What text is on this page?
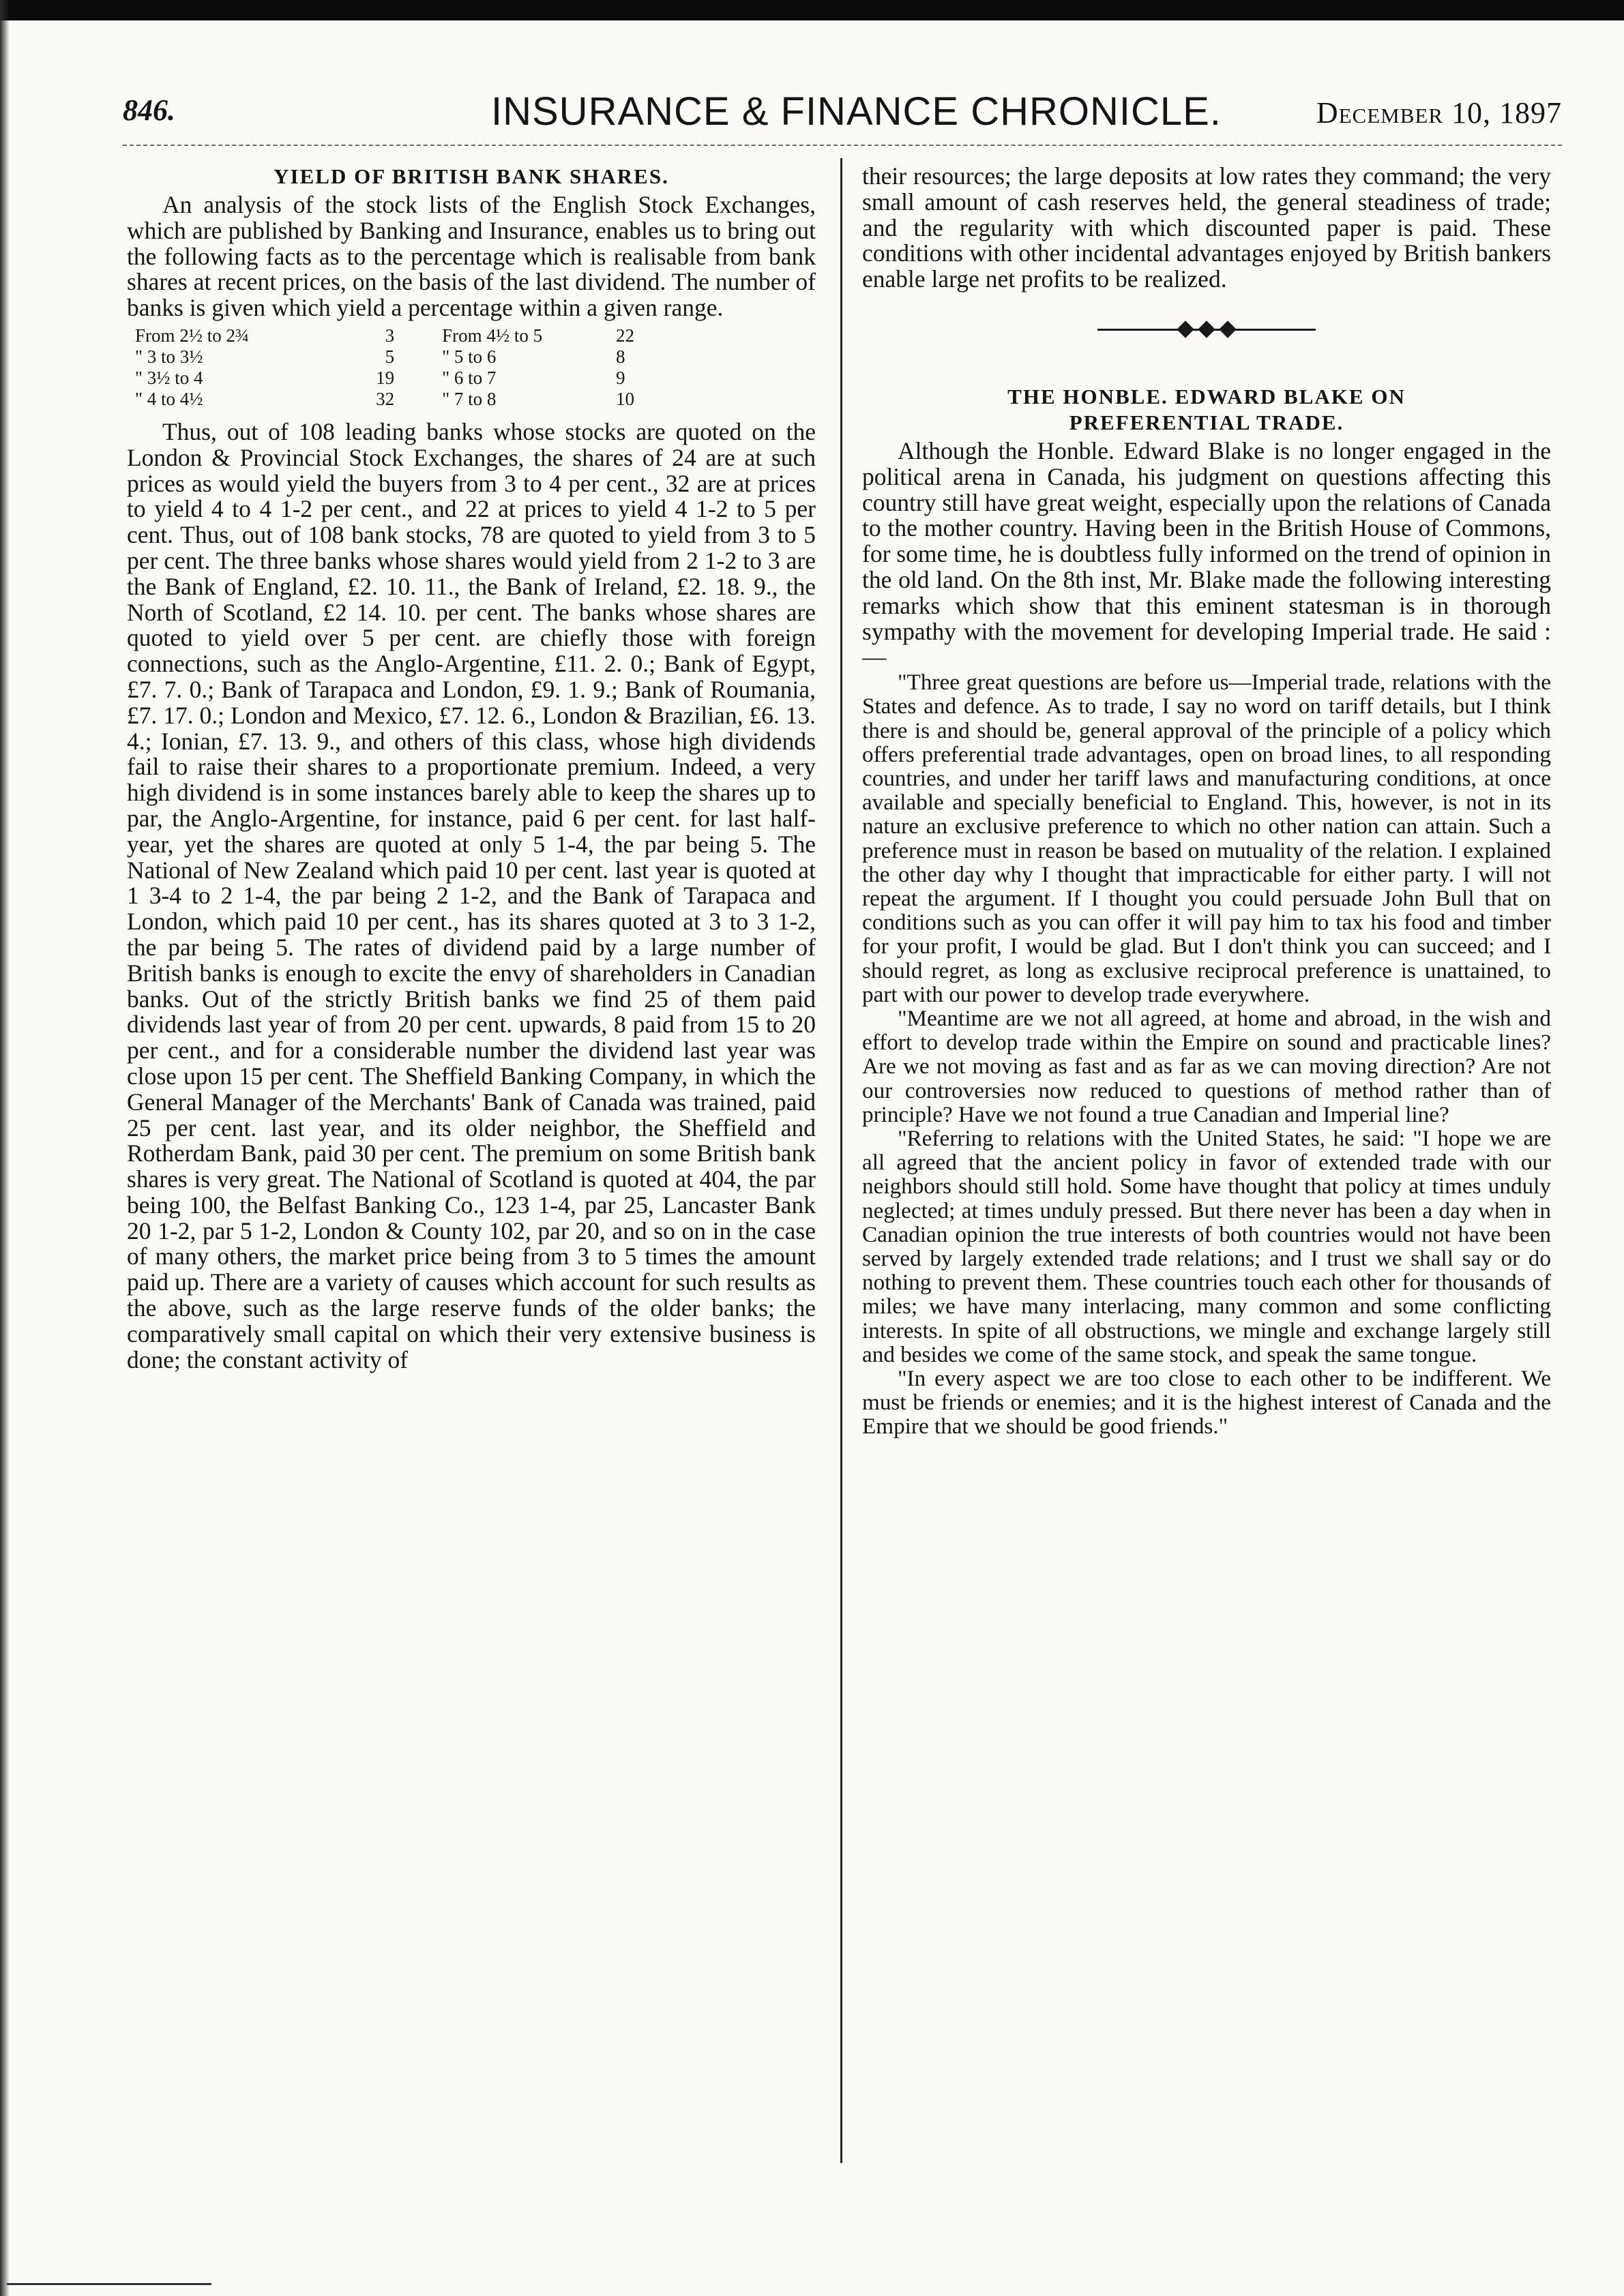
846.	INSURANCE & FINANCE CHRONICLE.	December 10, 1897
YIELD OF BRITISH BANK SHARES.

An analysis of the stock lists of the English Stock Exchanges, which are published by Banking and Insurance, enables us to bring out the following facts as to the percentage which is realisable from bank shares at recent prices, on the basis of the last dividend. The number of banks is given which yield a percentage within a given range.

From 2½ to 2¾	3	From 4½ to 5	22
" 3 to 3½	5	" 5 to 6	8
" 3½ to 4	19	" 6 to 7	9
" 4 to 4½	32	" 7 to 8	10

Thus, out of 108 leading banks whose stocks are quoted on the London & Provincial Stock Exchanges, the shares of 24 are at such prices as would yield the buyers from 3 to 4 per cent., 32 are at prices to yield 4 to 4 1-2 per cent., and 22 at prices to yield 4 1-2 to 5 per cent. Thus, out of 108 bank stocks, 78 are quoted to yield from 3 to 5 per cent. The three banks whose shares would yield from 2 1-2 to 3 are the Bank of England, £2. 10. 11., the Bank of Ireland, £2. 18. 9., the North of Scotland, £2 14. 10. per cent. The banks whose shares are quoted to yield over 5 per cent. are chiefly those with foreign connections, such as the Anglo-Argentine, £11. 2. 0.; Bank of Egypt, £7. 7. 0.; Bank of Tarapaca and London, £9. 1. 9.; Bank of Roumania, £7. 17. 0.; London and Mexico, £7. 12. 6., London & Brazilian, £6. 13. 4.; Ionian, £7. 13. 9., and others of this class, whose high dividends fail to raise their shares to a proportionate premium. Indeed, a very high dividend is in some instances barely able to keep the shares up to par, the Anglo-Argentine, for instance, paid 6 per cent. for last half-year, yet the shares are quoted at only 5 1-4, the par being 5. The National of New Zealand which paid 10 per cent. last year is quoted at 1 3-4 to 2 1-4, the par being 2 1-2, and the Bank of Tarapaca and London, which paid 10 per cent., has its shares quoted at 3 to 3 1-2, the par being 5. The rates of dividend paid by a large number of British banks is enough to excite the envy of shareholders in Canadian banks. Out of the strictly British banks we find 25 of them paid dividends last year of from 20 per cent. upwards, 8 paid from 15 to 20 per cent., and for a considerable number the dividend last year was close upon 15 per cent. The Sheffield Banking Company, in which the General Manager of the Merchants' Bank of Canada was trained, paid 25 per cent. last year, and its older neighbor, the Sheffield and Rotherdam Bank, paid 30 per cent. The premium on some British bank shares is very great. The National of Scotland is quoted at 404, the par being 100, the Belfast Banking Co., 123 1-4, par 25, Lancaster Bank 20 1-2, par 5 1-2, London & County 102, par 20, and so on in the case of many others, the market price being from 3 to 5 times the amount paid up. There are a variety of causes which account for such results as the above, such as the large reserve funds of the older banks; the comparatively small capital on which their very extensive business is done; the constant activity of

their resources; the large deposits at low rates they command; the very small amount of cash reserves held, the general steadiness of trade; and the regularity with which discounted paper is paid. These conditions with other incidental advantages enjoyed by British bankers enable large net profits to be realized.

THE HONBLE. EDWARD BLAKE ON
PREFERENTIAL TRADE.

Although the Honble. Edward Blake is no longer engaged in the political arena in Canada, his judgment on questions affecting this country still have great weight, especially upon the relations of Canada to the mother country. Having been in the British House of Commons, for some time, he is doubtless fully informed on the trend of opinion in the old land. On the 8th inst, Mr. Blake made the following interesting remarks which show that this eminent statesman is in thorough sympathy with the movement for developing Imperial trade. He said :—

"Three great questions are before us—Imperial trade, relations with the States and defence. As to trade, I say no word on tariff details, but I think there is and should be, general approval of the principle of a policy which offers preferential trade advantages, open on broad lines, to all responding countries, and under her tariff laws and manufacturing conditions, at once available and specially beneficial to England. This, however, is not in its nature an exclusive preference to which no other nation can attain. Such a preference must in reason be based on mutuality of the relation. I explained the other day why I thought that impracticable for either party. I will not repeat the argument. If I thought you could persuade John Bull that on conditions such as you can offer it will pay him to tax his food and timber for your profit, I would be glad. But I don't think you can succeed; and I should regret, as long as exclusive reciprocal preference is unattained, to part with our power to develop trade everywhere.

"Meantime are we not all agreed, at home and abroad, in the wish and effort to develop trade within the Empire on sound and practicable lines? Are we not moving as fast and as far as we can moving direction? Are not our controversies now reduced to questions of method rather than of principle? Have we not found a true Canadian and Imperial line?

"Referring to relations with the United States, he said: "I hope we are all agreed that the ancient policy in favor of extended trade with our neighbors should still hold. Some have thought that policy at times unduly neglected; at times unduly pressed. But there never has been a day when in Canadian opinion the true interests of both countries would not have been served by largely extended trade relations; and I trust we shall say or do nothing to prevent them. These countries touch each other for thousands of miles; we have many interlacing, many common and some conflicting interests. In spite of all obstructions, we mingle and exchange largely still and besides we come of the same stock, and speak the same tongue.

"In every aspect we are too close to each other to be indifferent. We must be friends or enemies; and it is the highest interest of Canada and the Empire that we should be good friends."
